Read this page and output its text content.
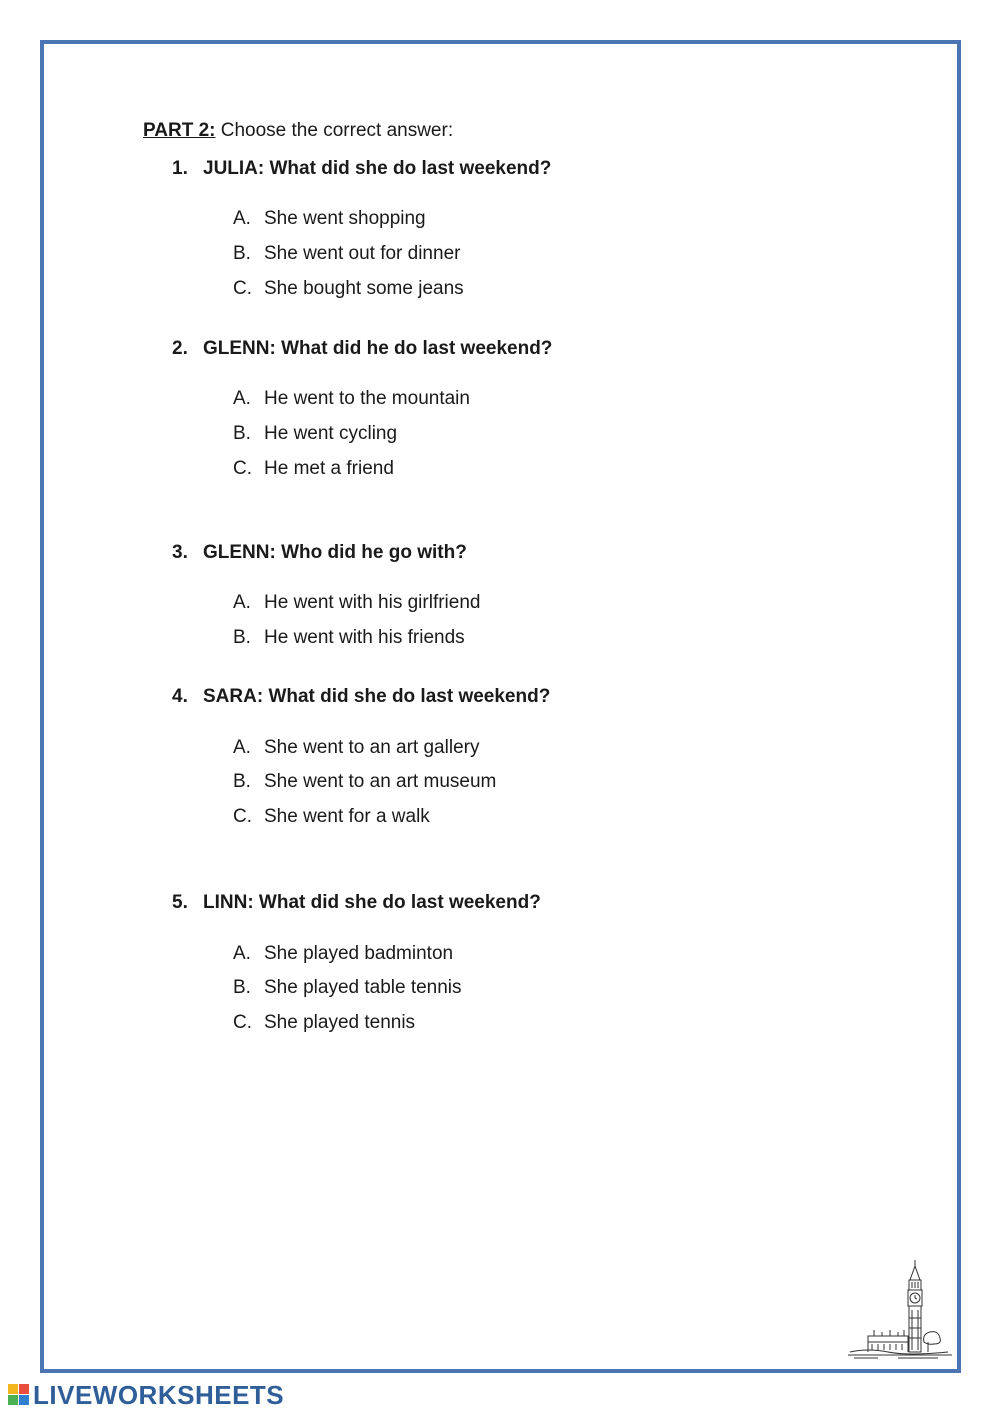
PART 2: Choose the correct answer:
1. JULIA: What did she do last weekend?
A. She went shopping
B. She went out for dinner
C. She bought some jeans
2. GLENN: What did he do last weekend?
A. He went to the mountain
B. He went cycling
C. He met a friend
3. GLENN: Who did he go with?
A. He went with his girlfriend
B. He went with his friends
4. SARA: What did she do last weekend?
A. She went to an art gallery
B. She went to an art museum
C. She went for a walk
5. LINN: What did she do last weekend?
A. She played badminton
B. She played table tennis
C. She played tennis
LIVEWORKSHEETS
